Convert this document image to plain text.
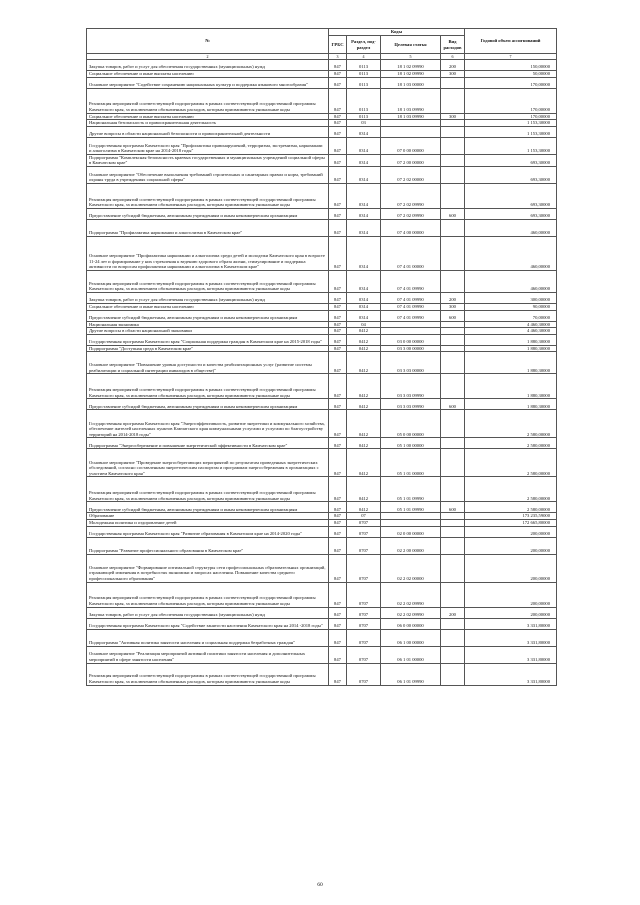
№	Коды				Годовой объем ассигнований
	ГРБС	Раздел, под-раздел	Целевая статья	Вид расходов	
2	3	4	5	6	7
Закупка товаров, работ и услуг для обеспечения государственных (муниципальных) нужд	847	0113	18 1 02 09990	200	150,00000
Социальное обеспечение и иные выплаты населению	847	0113	18 1 02 09990	300	50,00000
Основное мероприятие "Содействие сохранению национальных культур и поддержка языкового многообразия"	847	0113	18 1 03 00000		170,00000
Реализация мероприятий соответствующей подпрограммы в рамках соответствующей государственной программы Камчатского края, за исключением обозначенных расходов, которым присваиваются уникальные коды	847	0113	18 1 03 09990		170,00000
Социальное обеспечение и иные выплаты населению	847	0113	18 1 03 09990	300	170,00000
Национальная безопасность и правоохранительная деятельность	847	03			1 153,30000
Другие вопросы в области национальной безопасности и правоохранительной деятельности	847	0314			1 153,30000
Государственная программа Камчатского края "Профилактика правонарушений, терроризма, экстремизма, наркомании и алкоголизма в Камчатском крае на 2014-2018 годы"	847	0314	07 0 00 00000		1 153,30000
Подпрограмма "Комплексная безопасность краевых государственных и муниципальных учреждений социальной сферы в Камчатском крае"	847	0314	07 2 00 00000		693,30000
Основное мероприятие "Обеспечение выполнения требований строительных и санитарных правил и норм, требований охраны труда в учреждениях социальной сферы"	847	0314	07 2 02 00000		693,30000
Реализация мероприятий соответствующей подпрограммы в рамках соответствующей государственной программы Камчатского края, за исключением обозначенных расходов, которым присваиваются уникальные коды	847	0314	07 2 02 09990		693,30000
Предоставление субсидий бюджетным, автономным учреждениям и иным некоммерческим организациям	847	0314	07 2 02 09990	600	693,30000
Подпрограмма "Профилактика наркомании и алкоголизма в Камчатском крае"	847	0314	07 4 00 00000		460,00000
Основное мероприятие "Профилактика наркомании и алкоголизма среди детей и молодежи Камчатского края в возрасте 11-24 лет и формирование у них стремления к ведению здорового образа жизни, стимулирование и поддержка активности по вопросам профилактики наркомании и алкоголизма в Камчатском крае"	847	0314	07 4 01 00000		460,00000
Реализация мероприятий соответствующей подпрограммы в рамках соответствующей государственной программы Камчатского края, за исключением обозначенных расходов, которым присваиваются уникальные коды	847	0314	07 4 01 09990		460,00000
Закупка товаров, работ и услуг для обеспечения государственных (муниципальных) нужд	847	0314	07 4 01 09990	200	300,00000
Социальное обеспечение и иные выплаты населению	847	0314	07 4 01 09990	300	90,00000
Предоставление субсидий бюджетным, автономным учреждениям и иным некоммерческим организациям	847	0314	07 4 01 09990	600	70,00000
Национальная экономика	847	04			4 460,30000
Другие вопросы в области национальной экономики	847	0412			4 460,30000
Государственная программа Камчатского края "Социальная поддержка граждан в Камчатском крае на 2015-2018 годы"	847	0412	03 0 00 00000		1 880,30000
Подпрограмма "Доступная среда в Камчатском крае"	847	0412	03 3 00 00000		1 880,30000
Основное мероприятие "Повышение уровня доступности и качества реабилитационных услуг (развитие системы реабилитации и социальной интеграции инвалидов в обществе)"	847	0412	03 3 03 00000		1 880,30000
Реализация мероприятий соответствующей подпрограммы в рамках соответствующей государственной программы Камчатского края, за исключением обозначенных расходов, которым присваиваются уникальные коды	847	0412	03 3 03 09990		1 880,30000
Предоставление субсидий бюджетным, автономным учреждениям и иным некоммерческим организациям	847	0412	03 3 03 09990	600	1 880,30000
Государственная программа Камчатского края "Энергоэффективность, развитие энергетики и коммунального хозяйства, обеспечение жителей населенных пунктов Камчатского края коммунальными услугами и услугами по благоустройству территорий на 2014-2018 годы"	847	0412	05 0 00 00000		2 580,00000
Подпрограмма "Энергосбережение и повышение энергетической эффективности в Камчатском крае"	847	0412	05 1 00 00000		2 580,00000
Основное мероприятие "Проведение энергосберегающих мероприятий по результатам проведенных энергетических обследований, согласно составленным энергетическим паспортам и программам энергосбережения в организациях с участием Камчатского края"	847	0412	05 1 01 00000		2 580,00000
Реализация мероприятий соответствующей подпрограммы в рамках соответствующей государственной программы Камчатского края, за исключением обозначенных расходов, которым присваиваются уникальные коды	847	0412	05 1 01 09990		2 580,00000
Предоставление субсидий бюджетным, автономным учреждениям и иным некоммерческим организациям	847	0412	05 1 01 09990	600	2 580,00000
Образование	847	07			173 235,59000
Молодежная политика и оздоровление детей	847	0707			172 665,80000
Государственная программа Камчатского края "Развитие образования в Камчатском крае на 2014-2020 годы"	847	0707	02 0 00 00000		200,00000
Подпрограмма "Развитие профессионального образования в Камчатском крае"	847	0707	02 2 00 00000		200,00000
Основное мероприятие "Формирование оптимальной структуры сети профессиональных образовательных организаций, отражающей изменения в потребностях экономики и запросах населения. Повышение качества среднего профессионального образования"	847	0707	02 2 02 00000		200,00000
Реализация мероприятий соответствующей подпрограммы в рамках соответствующей государственной программы Камчатского края, за исключением обозначенных расходов, которым присваиваются уникальные коды	847	0707	02 2 02 09990		200,00000
Закупка товаров, работ и услуг для обеспечения государственных (муниципальных) нужд	847	0707	02 2 02 09990	200	200,00000
Государственная программа Камчатского края "Содействие занятости населения Камчатского края на 2014 -2018 годы"	847	0707	06 0 00 00000		3 331,80000
Подпрограмма "Активная политика занятости населения и социальная поддержка безработных граждан"	847	0707	06 1 00 00000		3 331,80000
Основное мероприятие "Реализация мероприятий активной политики занятости населения и дополнительных мероприятий в сфере занятости населения"	847	0707	06 1 01 00000		3 331,80000
Реализация мероприятий соответствующей подпрограммы в рамках соответствующей государственной программы Камчатского края, за исключением обозначенных расходов, которым присваиваются уникальные коды	847	0707	06 1 01 09990		3 331,80000
60
